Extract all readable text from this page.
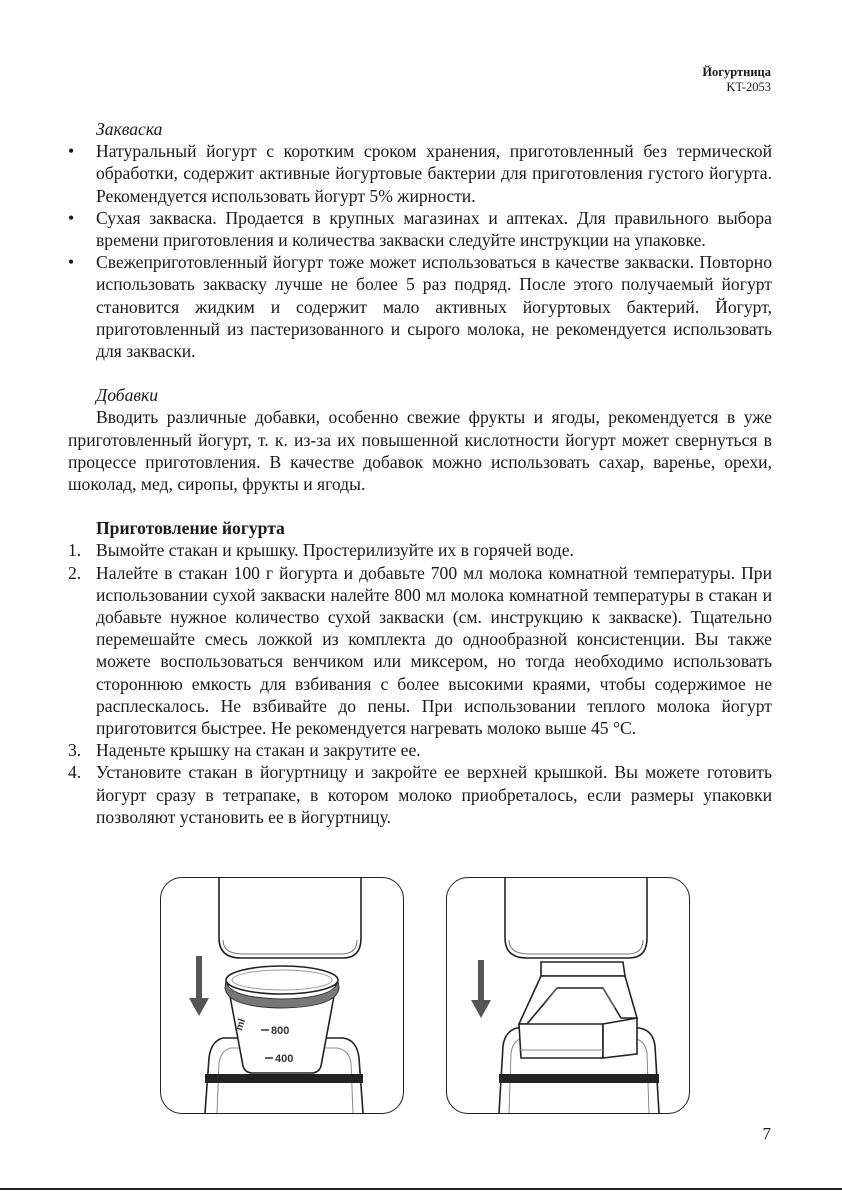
Йогуртница
KT-2053
Закваска
• Натуральный йогурт с коротким сроком хранения, приготовленный без термической обработки, содержит активные йогуртовые бактерии для приготовления густого йогурта. Рекомендуется использовать йогурт 5% жирности.
• Сухая закваска. Продается в крупных магазинах и аптеках. Для правильного выбора времени приготовления и количества закваски следуйте инструкции на упаковке.
• Свежеприготовленный йогурт тоже может использоваться в качестве закваски. Повторно использовать закваску лучше не более 5 раз подряд. После этого получаемый йогурт становится жидким и содержит мало активных йогуртовых бактерий. Йогурт, приготовленный из пастеризованного и сырого молока, не рекомендуется использовать для закваски.
Добавки
Вводить различные добавки, особенно свежие фрукты и ягоды, рекомендуется в уже приготовленный йогурт, т. к. из-за их повышенной кислотности йогурт может свернуться в процессе приготовления. В качестве добавок можно использовать сахар, варенье, орехи, шоколад, мед, сиропы, фрукты и ягоды.
Приготовление йогурта
1. Вымойте стакан и крышку. Простерилизуйте их в горячей воде.
2. Налейте в стакан 100 г йогурта и добавьте 700 мл молока комнатной температуры. При использовании сухой закваски налейте 800 мл молока комнатной температуры в стакан и добавьте нужное количество сухой закваски (см. инструкцию к закваске). Тщательно перемешайте смесь ложкой из комплекта до однообразной консистенции. Вы также можете воспользоваться венчиком или миксером, но тогда необходимо использовать стороннюю емкость для взбивания с более высокими краями, чтобы содержимое не расплескалось. Не взбивайте до пены. При использовании теплого молока йогурт приготовится быстрее. Не рекомендуется нагревать молоко выше 45 °С.
3. Наденьте крышку на стакан и закрутите ее.
4. Установите стакан в йогуртницу и закройте ее верхней крышкой. Вы можете готовить йогурт сразу в тетрапаке, в котором молоко приобреталось, если размеры упаковки позволяют установить ее в йогуртницу.
800
400
ml
7
